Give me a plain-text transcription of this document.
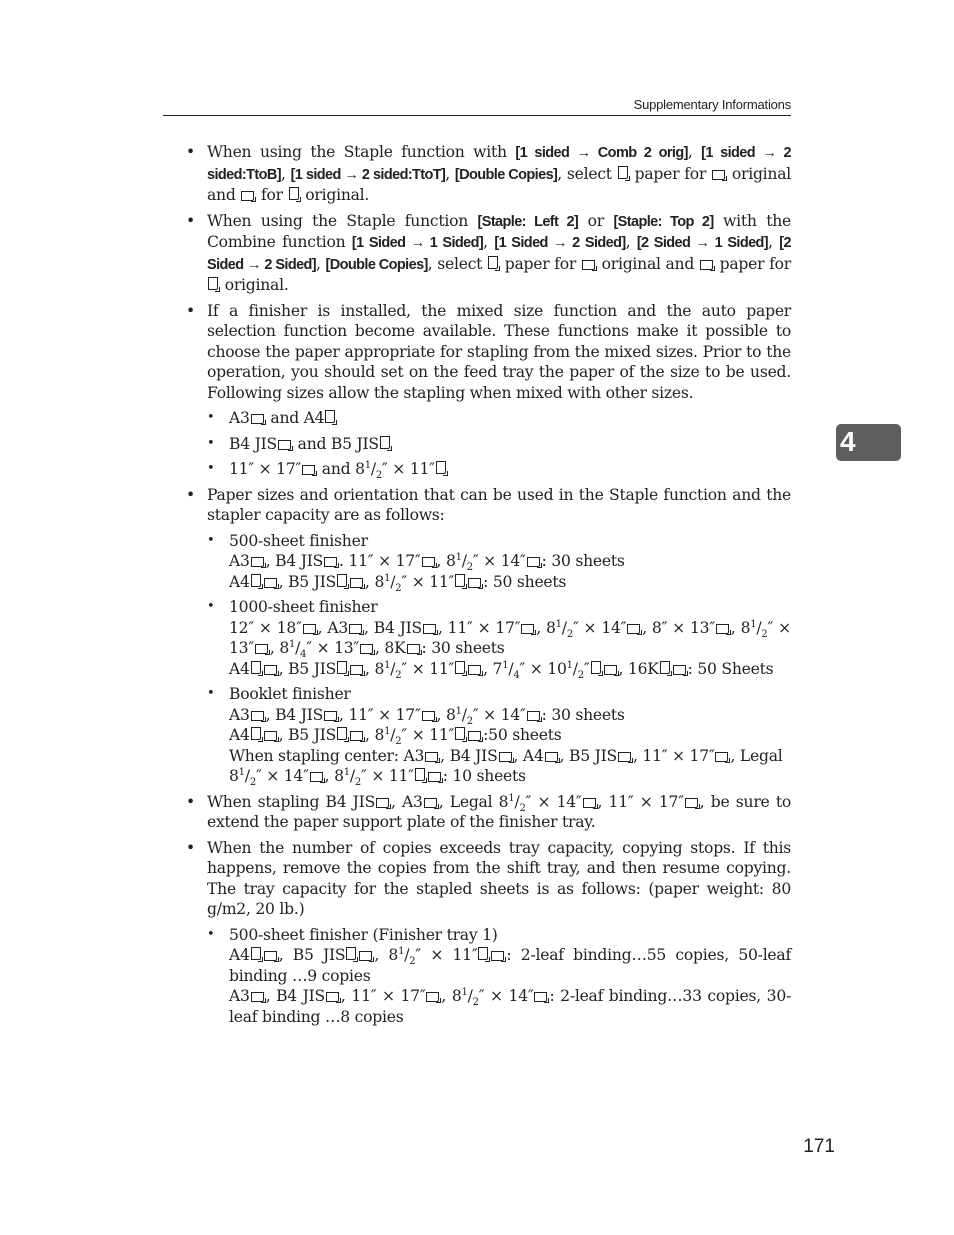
Supplementary Informations
4
• When using the Staple function with [1 sided → Comb 2 orig], [1 sided → 2 sided:TtoB], [1 sided → 2 sided:TtoT], [Double Copies], select  paper for  original and  for  original.
• When using the Staple function [Staple: Left 2] or [Staple: Top 2] with the Combine function [1 Sided → 1 Sided], [1 Sided → 2 Sided], [2 Sided → 1 Sided], [2 Sided → 2 Sided], [Double Copies], select  paper for  original and  paper for  original.
• If a finisher is installed, the mixed size function and the auto paper selection function become available. These functions make it possible to choose the paper appropriate for stapling from the mixed sizes. Prior to the operation, you should set on the feed tray the paper of the size to be used. Following sizes allow the stapling when mixed with other sizes.
• A3 and A4
• B4 JIS and B5 JIS
• 11″ × 17″ and $8^1/_2'' \times 11''$
• Paper sizes and orientation that can be used in the Staple function and the stapler capacity are as follows:
• 500-sheet finisher
A3 , B4 JIS . 11″ × 17″ , $8^1/_2'' \times 14''$ : 30 sheets
A4 , B5 JIS , $8^1/_2'' \times 11''$ : 50 sheets
• 1000-sheet finisher
12″ × 18″ , A3 , B4 JIS , 11″ × 17″ , $8^1/_2'' \times 14''$ , 8″ × 13″ , $8^1/_2'' \times 13''$ , $8^1/_4'' \times 13''$ , 8K : 30 sheets
A4 , B5 JIS , $8^1/_2'' \times 11''$ , $7^1/_4'' \times 10^1/_2''$ , 16K : 50 Sheets
• Booklet finisher
A3 , B4 JIS , 11″ × 17″ , $8^1/_2'' \times 14''$ : 30 sheets
A4 , B5 JIS , $8^1/_2'' \times 11''$ :50 sheets
When stapling center: A3 , B4 JIS , A4 , B5 JIS , 11″ × 17″ , Legal $8^1/_2'' \times 14''$ , $8^1/_2'' \times 11''$ : 10 sheets
• When stapling B4 JIS , A3 , Legal $8^1/_2'' \times 14''$ , 11″ × 17″ , be sure to extend the paper support plate of the finisher tray.
• When the number of copies exceeds tray capacity, copying stops. If this happens, remove the copies from the shift tray, and then resume copying. The tray capacity for the stapled sheets is as follows: (paper weight: 80 g/m2, 20 lb.)
• 500-sheet finisher (Finisher tray 1)
A4 , B5 JIS , $8^1/_2'' \times 11''$ : 2-leaf binding…55 copies, 50-leaf binding …9 copies
A3 , B4 JIS , 11″ × 17″ , $8^1/_2'' \times 14''$ : 2-leaf binding…33 copies, 30-leaf binding …8 copies
171
